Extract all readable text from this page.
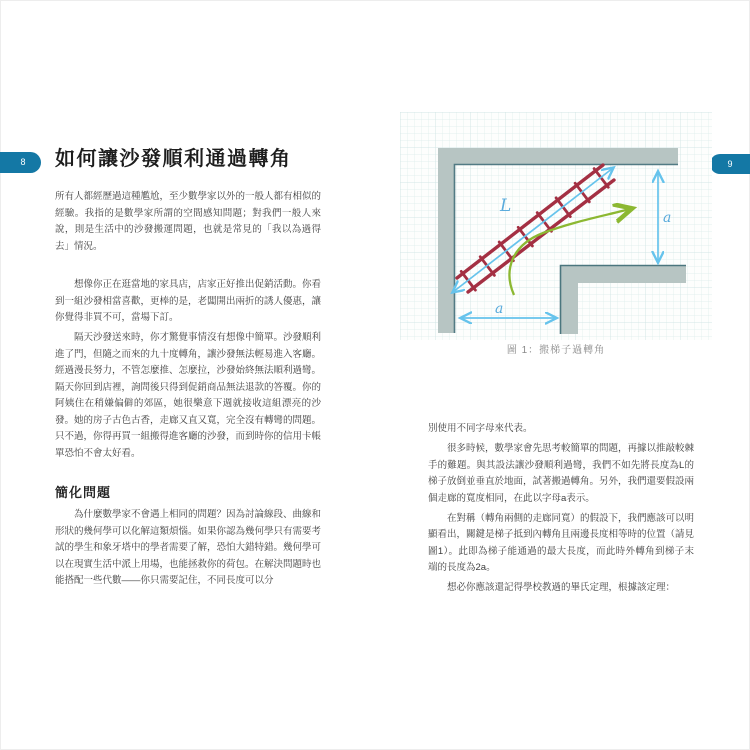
8	9
如何讓沙發順利通過轉角

所有人都經歷過這種尷尬，至少數學家以外的一般人都有相似的經驗。我指的是數學家所謂的空間感知問題；對我們一般人來說，則是生活中的沙發搬運問題，也就是常見的「我以為過得去」情況。

想像你正在逛當地的家具店，店家正好推出促銷活動。你看到一組沙發相當喜歡，更棒的是，老闆開出兩折的誘人優惠，讓你覺得非買不可，當場下訂。

隔天沙發送來時，你才驚覺事情沒有想像中簡單。沙發順利進了門，但隨之而來的九十度轉角，讓沙發無法輕易進入客廳。經過漫長努力，不管怎麼推、怎麼拉，沙發始終無法順利過彎。隔天你回到店裡，詢問後只得到促銷商品無法退款的答覆。你的阿姨住在稍嫌偏僻的郊區，她很樂意下週就接收這組漂亮的沙發。她的房子古色古香，走廊又直又寬，完全沒有轉彎的問題。只不過，你得再買一組搬得進客廳的沙發，而到時你的信用卡帳單恐怕不會太好看。

簡化問題

為什麼數學家不會遇上相同的問題？因為討論線段、曲線和形狀的幾何學可以化解這類煩惱。如果你認為幾何學只有需要考試的學生和象牙塔中的學者需要了解，恐怕大錯特錯。幾何學可以在現實生活中派上用場，也能拯救你的荷包。在解決問題時也能搭配一些代數——你只需要記住，不同長度可以分

L
a
a
圖 1：搬梯子過轉角

別使用不同字母來代表。

很多時候，數學家會先思考較簡單的問題，再據以推敲較棘手的難題。與其設法讓沙發順利過彎，我們不如先將長度為L的梯子放倒並垂直於地面，試著搬過轉角。另外，我們還要假設兩個走廊的寬度相同，在此以字母a表示。

在對稱（轉角兩側的走廊同寬）的假設下，我們應該可以明顯看出，關鍵是梯子抵到內轉角且兩邊長度相等時的位置（請見圖1）。此即為梯子能通過的最大長度，而此時外轉角到梯子末端的長度為2a。

想必你應該還記得學校教過的畢氏定理，根據該定理：
